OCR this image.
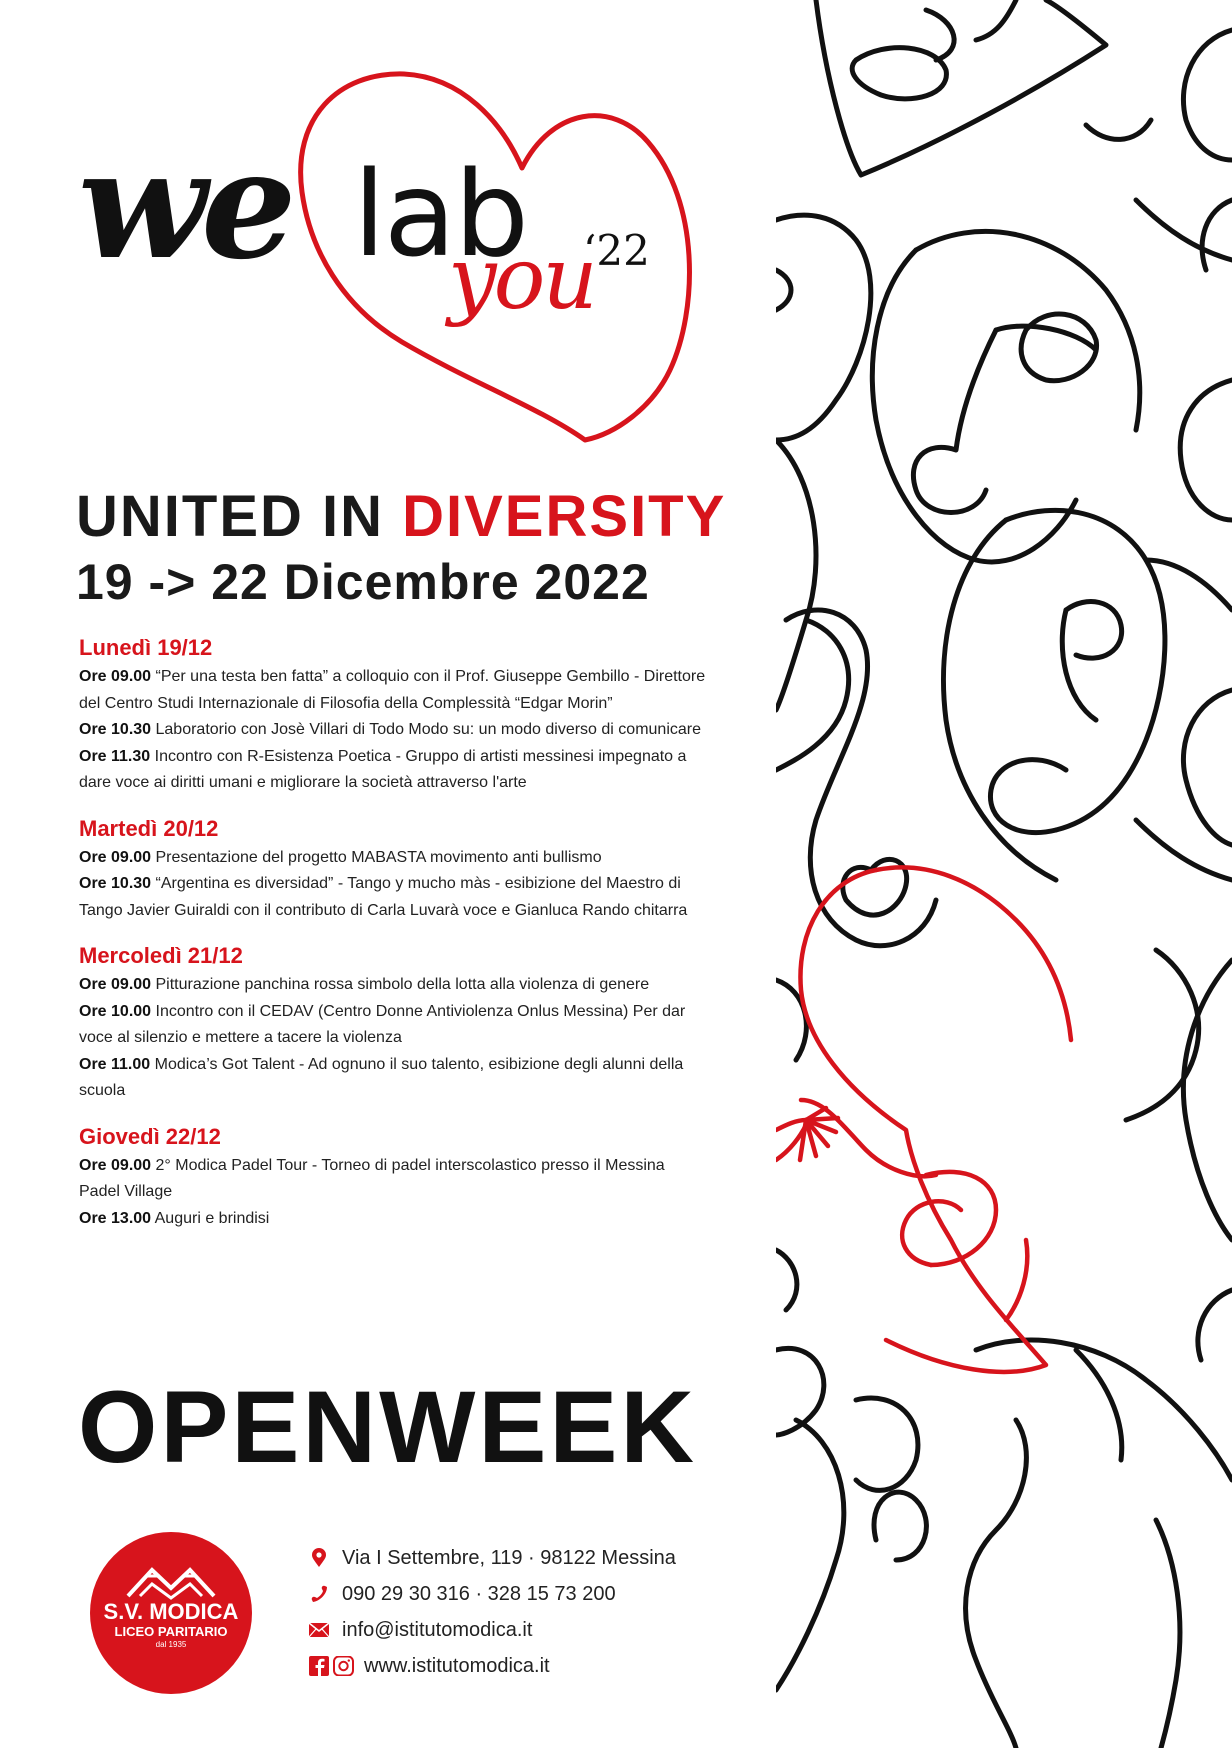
we lab
you
‘22
UNITED IN DIVERSITY
19 -> 22 Dicembre 2022
Lunedì 19/12
Ore 09.00 “Per una testa ben fatta” a colloquio con il Prof. Giuseppe Gembillo - Direttore del Centro Studi Internazionale di Filosofia della Complessità “Edgar Morin”
Ore 10.30 Laboratorio con Josè Villari di Todo Modo su: un modo diverso di comunicare
Ore 11.30 Incontro con R-Esistenza Poetica - Gruppo di artisti messinesi impegnato a dare voce ai diritti umani e migliorare la società attraverso l'arte
Martedì 20/12
Ore 09.00 Presentazione del progetto MABASTA movimento anti bullismo
Ore 10.30 “Argentina es diversidad” - Tango y mucho màs - esibizione del Maestro di Tango Javier Guiraldi con il contributo di Carla Luvarà voce e Gianluca Rando chitarra
Mercoledì 21/12
Ore 09.00 Pitturazione panchina rossa simbolo della lotta alla violenza di genere
Ore 10.00 Incontro con il CEDAV (Centro Donne Antiviolenza Onlus Messina) Per dar voce al silenzio e mettere a tacere la violenza
Ore 11.00 Modica’s Got Talent - Ad ognuno il suo talento, esibizione degli alunni della scuola
Giovedì 22/12
Ore 09.00 2° Modica Padel Tour - Torneo di padel interscolastico presso il Messina Padel Village
Ore 13.00 Auguri e brindisi
OPENWEEK
S.V. MODICA
LICEO PARITARIO
dal 1935
Via I Settembre, 119 · 98122 Messina
090 29 30 316 · 328 15 73 200
info@istitutomodica.it
www.istitutomodica.it
